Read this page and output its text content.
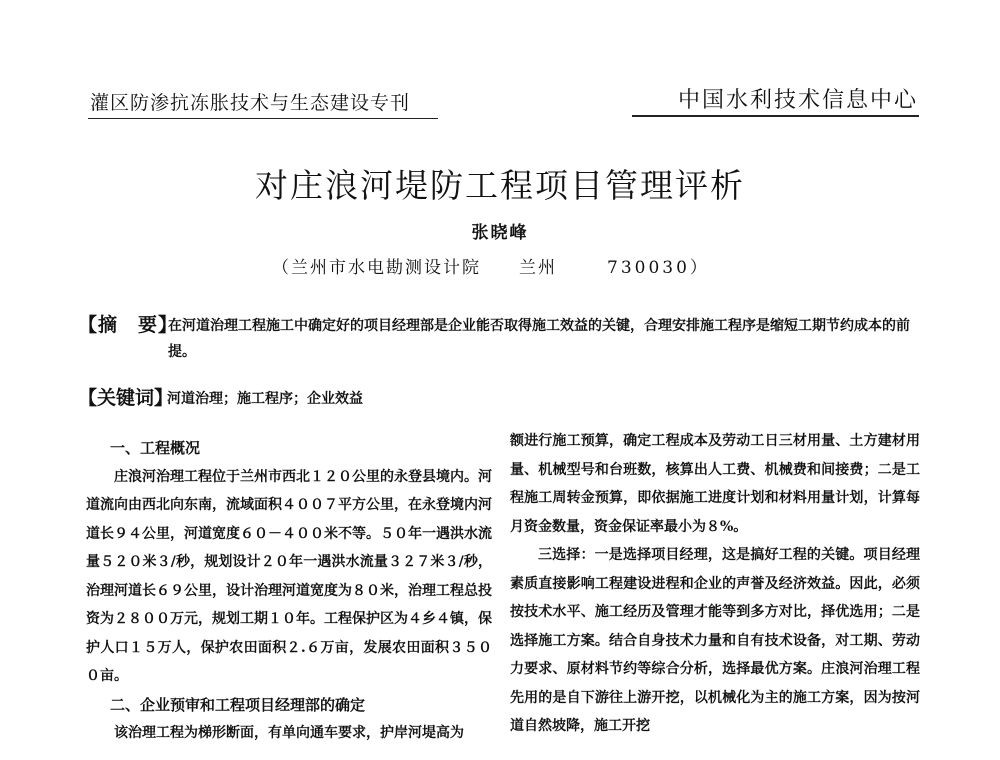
灌区防渗抗冻胀技术与生态建设专刊	中国水利技术信息中心
对庄浪河堤防工程项目管理评析
张晓峰
（兰州市水电勘测设计院 兰州	730030）
【摘　要】
在河道治理工程施工中确定好的项目经理部是企业能否取得施工效益的关键，合理安排施工程序是缩短工期节约成本的前提。
【关键词】
河道治理；施工程序；企业效益
一、工程概况

庄浪河治理工程位于兰州市西北１２０公里的永登县境内。河道流向由西北向东南，流域面积４００７平方公里，在永登境内河道长９４公里，河道宽度６０－４００米不等。５０年一遇洪水流量５２０米３/秒，规划设计２０年一遇洪水流量３２７米３/秒，治理河道长６９公里，设计治理河道宽度为８０米，治理工程总投资为２８００万元，规划工期１０年。工程保护区为４乡４镇，保护人口１５万人，保护农田面积２.６万亩，发展农田面积３５００亩。

二、企业预审和工程项目经理部的确定

该治理工程为梯形断面，有单向通车要求，护岸河堤高为

额进行施工预算，确定工程成本及劳动工日三材用量、土方建材用量、机械型号和台班数，核算出人工费、机械费和间接费；二是工程施工周转金预算，即依据施工进度计划和材料用量计划，计算每月资金数量，资金保证率最小为８%。

三选择：一是选择项目经理，这是搞好工程的关键。项目经理素质直接影响工程建设进程和企业的声誉及经济效益。因此，必须按技术水平、施工经历及管理才能等到多方对比，择优选用；二是选择施工方案。结合自身技术力量和自有技术设备，对工期、劳动力要求、原材料节约等综合分析，选择最优方案。庄浪河治理工程先用的是自下游往上游开挖，以机械化为主的施工方案，因为按河道自然坡降，施工开挖
